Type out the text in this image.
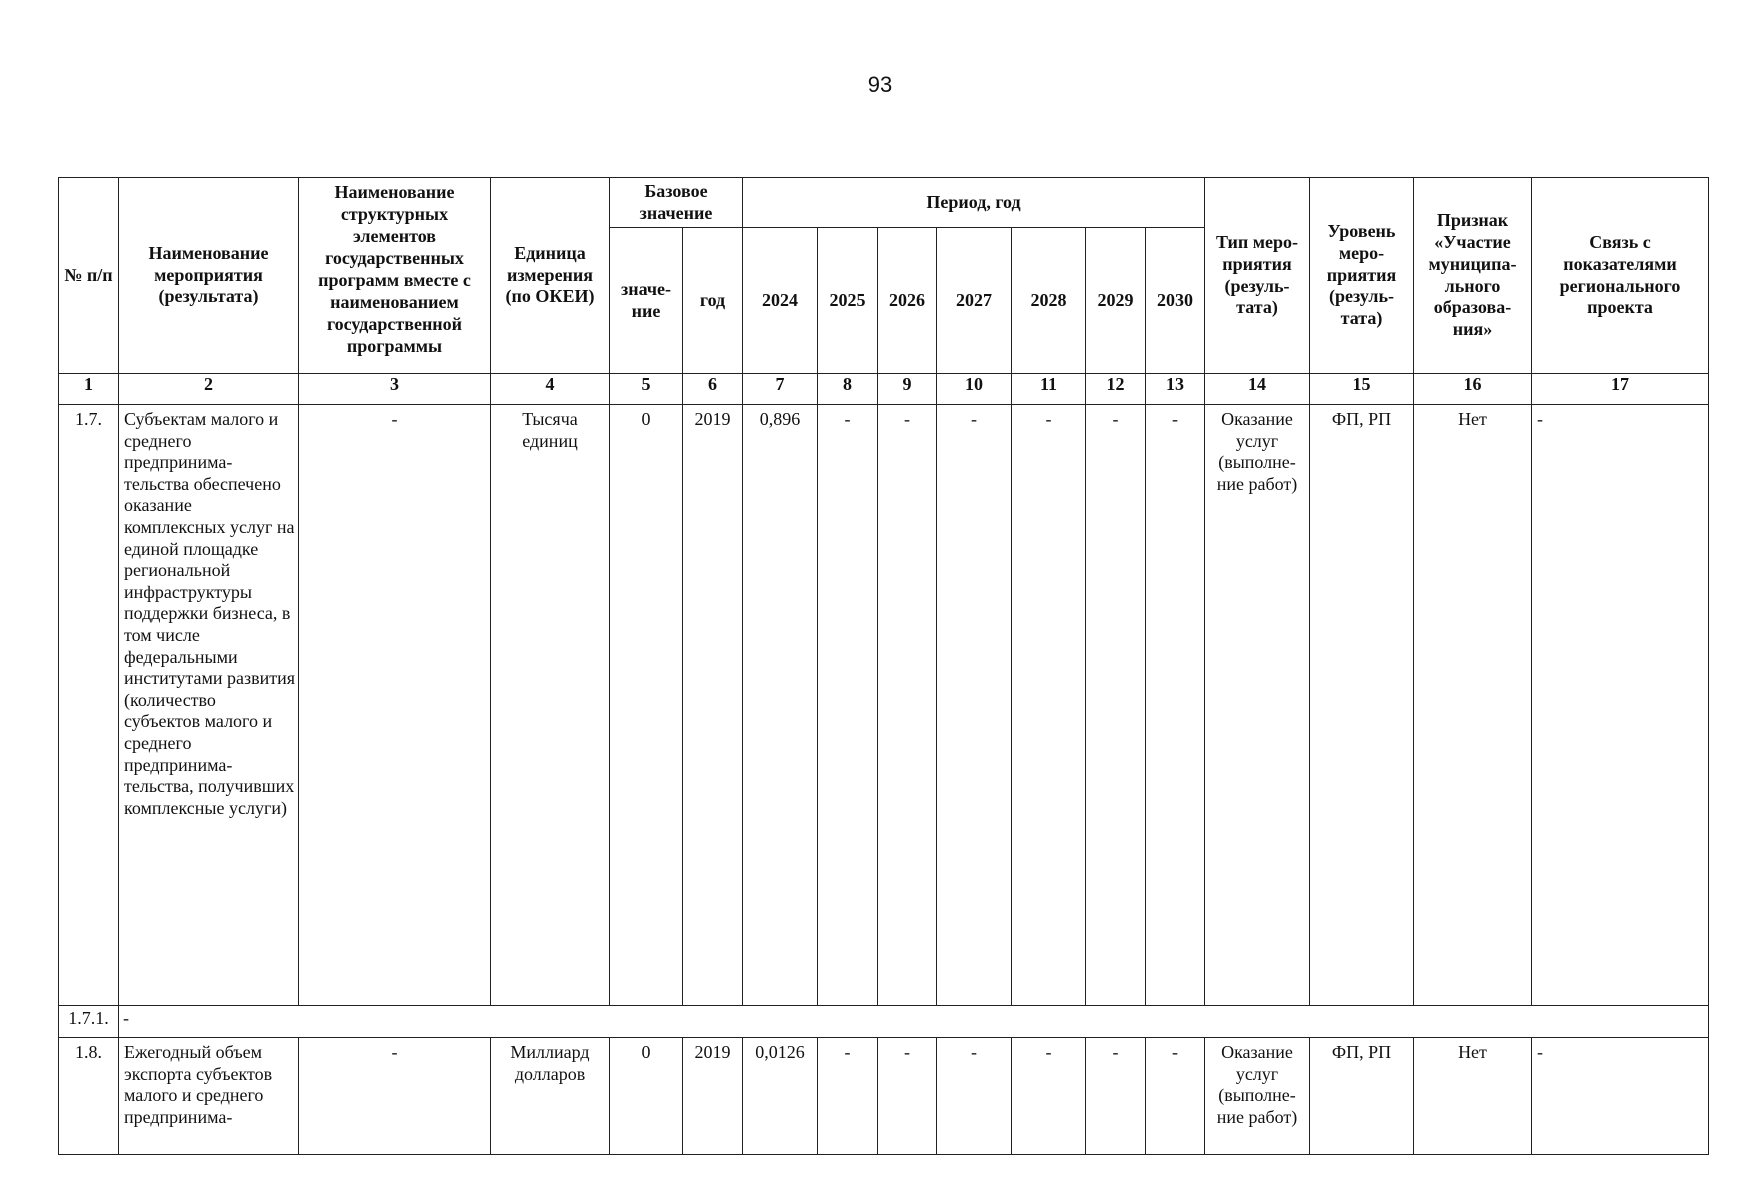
93
№ п/п	Наименование мероприятия (результата)	Наименование структурных элементов государственных программ вместе с наименованием государственной программы	Единица измерения (по ОКЕИ)	Базовое значение		Период, год							Тип меро-приятия (резуль-тата)	Уровень меро-приятия (резуль-тата)	Признак «Участие муниципа-льного образова-ния»	Связь с показателями регионального проекта
				значе-ние	год	2024	2025	2026	2027	2028	2029	2030				
1	2	3	4	5	6	7	8	9	10	11	12	13	14	15	16	17
1.7.	Субъектам малого и среднего предпринима-тельства обеспечено оказание комплексных услуг на единой площадке региональной инфраструктуры поддержки бизнеса, в том числе федеральными институтами развития (количество субъектов малого и среднего предпринима-тельства, получивших комплексные услуги)	-	Тысяча единиц	0	2019	0,896	-	-	-	-	-	-	Оказание услуг (выполне-ние работ)	ФП, РП	Нет	-
1.7.1.	-															
1.8.	Ежегодный объем экспорта субъектов малого и среднего предпринима-	-	Миллиард долларов	0	2019	0,0126	-	-	-	-	-	-	Оказание услуг (выполне-ние работ)	ФП, РП	Нет	-
